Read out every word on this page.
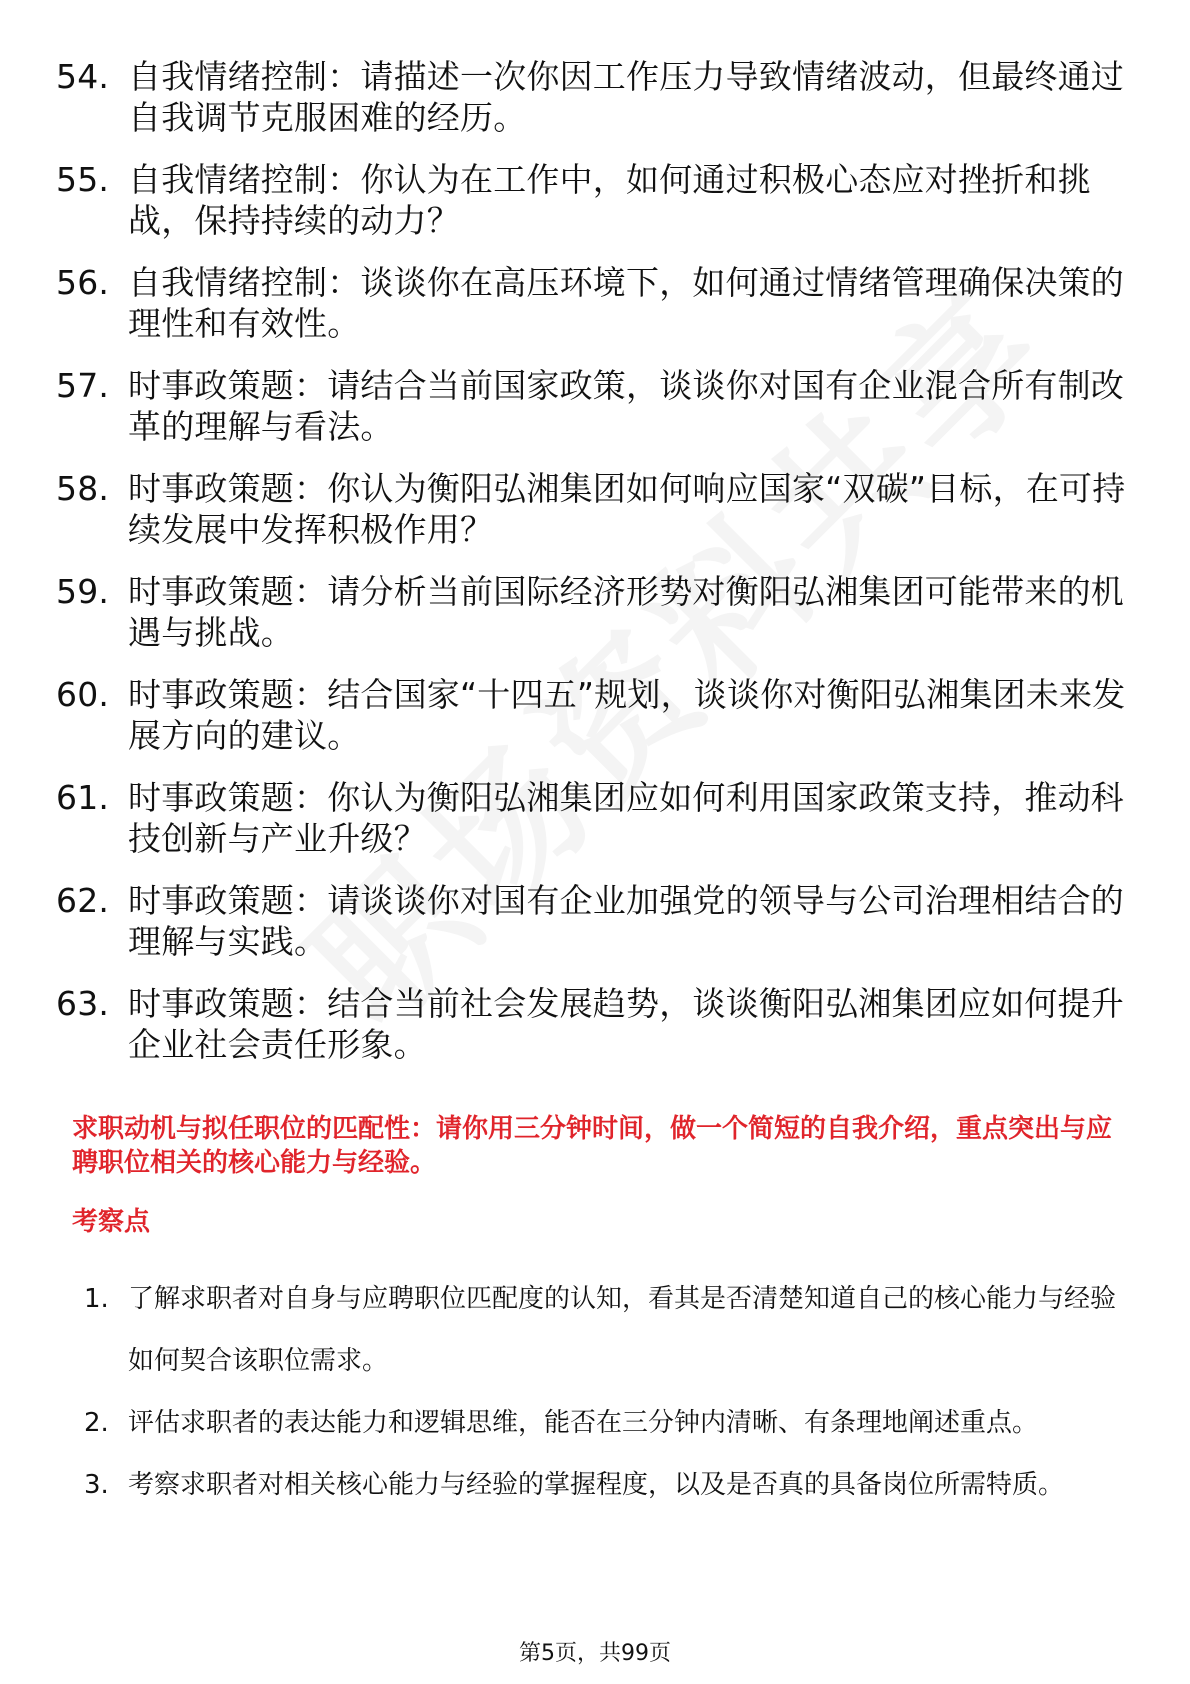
54. 自我情绪控制：请描述一次你因工作压力导致情绪波动，但最终通过自我调节克服困难的经历。
55. 自我情绪控制：你认为在工作中，如何通过积极心态应对挫折和挑战，保持持续的动力？
56. 自我情绪控制：谈谈你在高压环境下，如何通过情绪管理确保决策的理性和有效性。
57. 时事政策题：请结合当前国家政策，谈谈你对国有企业混合所有制改革的理解与看法。
58. 时事政策题：你认为衡阳弘湘集团如何响应国家“双碳”目标，在可持续发展中发挥积极作用？
59. 时事政策题：请分析当前国际经济形势对衡阳弘湘集团可能带来的机遇与挑战。
60. 时事政策题：结合国家“十四五”规划，谈谈你对衡阳弘湘集团未来发展方向的建议。
61. 时事政策题：你认为衡阳弘湘集团应如何利用国家政策支持，推动科技创新与产业升级？
62. 时事政策题：请谈谈你对国有企业加强党的领导与公司治理相结合的理解与实践。
63. 时事政策题：结合当前社会发展趋势，谈谈衡阳弘湘集团应如何提升企业社会责任形象。
求职动机与拟任职位的匹配性：请你用三分钟时间，做一个简短的自我介绍，重点突出与应聘职位相关的核心能力与经验。
考察点
1. 了解求职者对自身与应聘职位匹配度的认知，看其是否清楚知道自己的核心能力与经验如何契合该职位需求。
2. 评估求职者的表达能力和逻辑思维，能否在三分钟内清晰、有条理地阐述重点。
3. 考察求职者对相关核心能力与经验的掌握程度，以及是否真的具备岗位所需特质。
第5页，共99页
